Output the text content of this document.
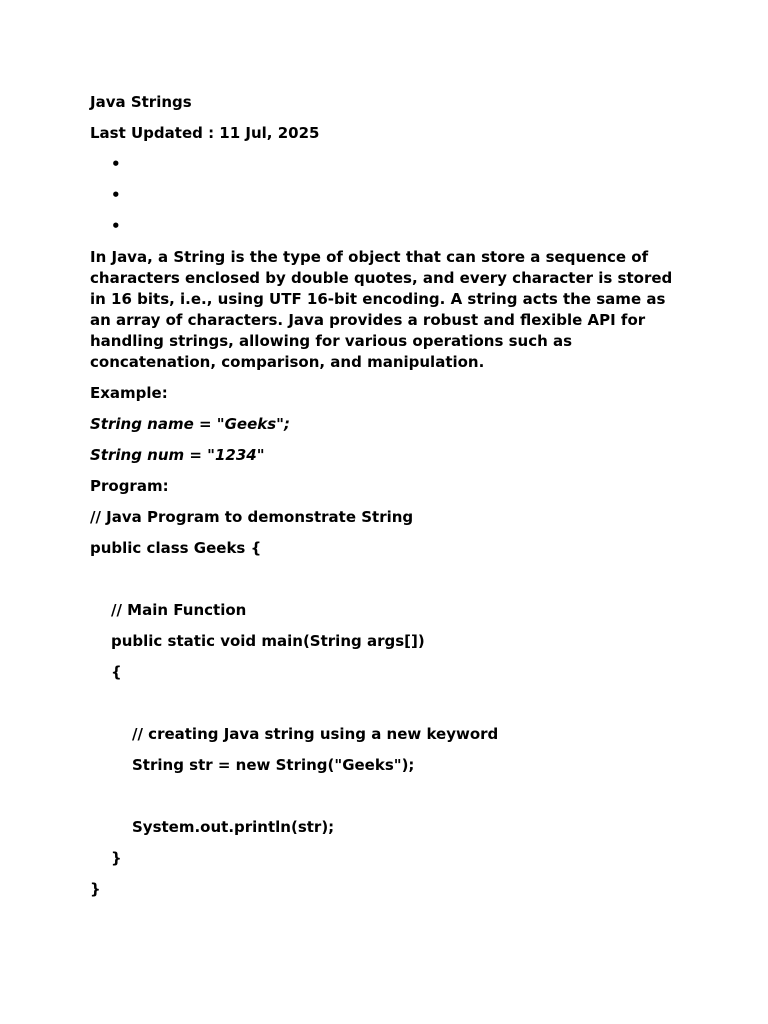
Java Strings
Last Updated : 11 Jul, 2025
•
•
•
In Java, a String is the type of object that can store a sequence of characters enclosed by double quotes, and every character is stored in 16 bits, i.e., using UTF 16-bit encoding. A string acts the same as an array of characters. Java provides a robust and flexible API for handling strings, allowing for various operations such as concatenation, comparison, and manipulation.
Example:
String name = "Geeks";
String num = "1234"
Program:
// Java Program to demonstrate String
public class Geeks {
// Main Function
public static void main(String args[])
{
// creating Java string using a new keyword
String str = new String("Geeks");
System.out.println(str);
}
}
